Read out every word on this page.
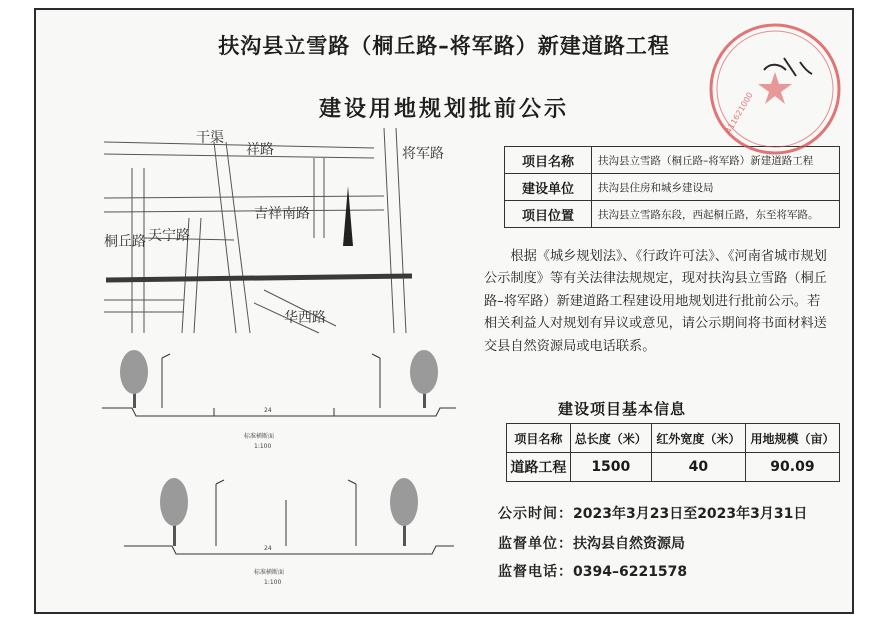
扶沟县立雪路（桐丘路–将军路）新建道路工程
建设用地规划批前公示
干渠
祥路	将军路
吉祥南路
天宁路
桐丘路
华西路
项目名称	扶沟县立雪路（桐丘路–将军路）新建道路工程
建设单位	扶沟县住房和城乡建设局
项目位置	扶沟县立雪路东段，西起桐丘路，东至将军路。
根据《城乡规划法》、《行政许可法》、《河南省城市规划公示制度》等有关法律法规规定，现对扶沟县立雪路（桐丘路–将军路）新建道路工程建设用地规划进行批前公示。若相关利益人对规划有异议或意见，请公示期间将书面材料送交县自然资源局或电话联系。
建设项目基本信息
项目名称	总长度（米）	红外宽度（米）	用地规模（亩）
道路工程	1500	40	90.09
公示时间：2023年3月23日至2023年3月31日
监督单位：扶沟县自然资源局
监督电话：0394–6221578
24
标准横断面
1:100
24
标准横断面
1:100
411621000
